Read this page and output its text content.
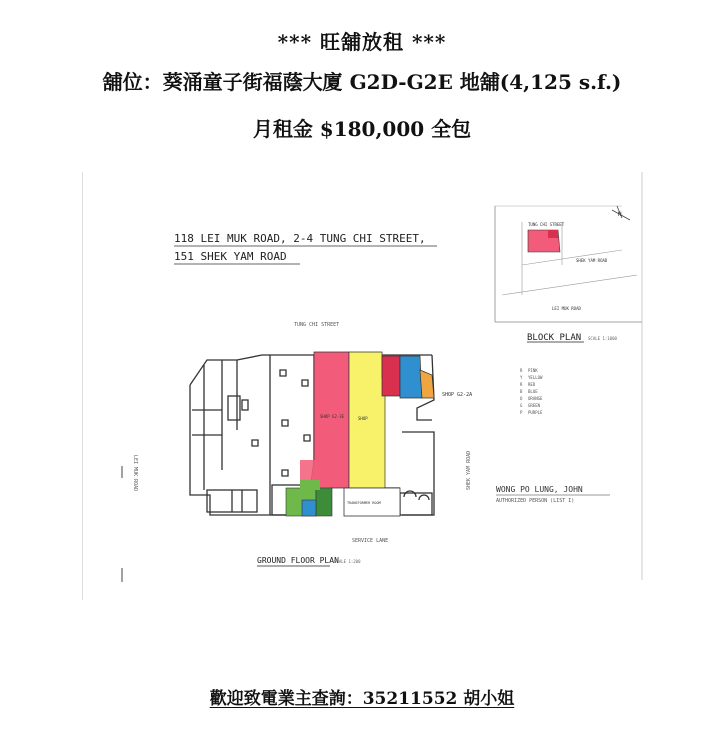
*** 旺舖放租 ***
舖位：葵涌童子街福蔭大廈 G2D-G2E 地舖(4,125 s.f.)
月租金 $180,000 全包
118 LEI MUK ROAD, 2-4 TUNG CHI STREET,
151 SHEK YAM ROAD
TUNG CHI STREET
SHEK YAM ROAD
LEI MUK ROAD
N
BLOCK PLAN SCALE 1:1000
TUNG CHI STREET
LEI MUK ROAD	SHEK YAM ROAD
SERVICE LANE
SHOP G2-3E	SHOP
TRANSFORMER ROOM
SHOP G2-2A
PINK
YELLOW
RED
BLUE
ORANGE
GREEN
PURPLE
R
Y
R
B
O
G
P
WONG PO LUNG, JOHN
AUTHORIZED PERSON (LIST I)
GROUND FLOOR PLAN
SCALE 1:200
歡迎致電業主查詢：35211552 胡小姐
